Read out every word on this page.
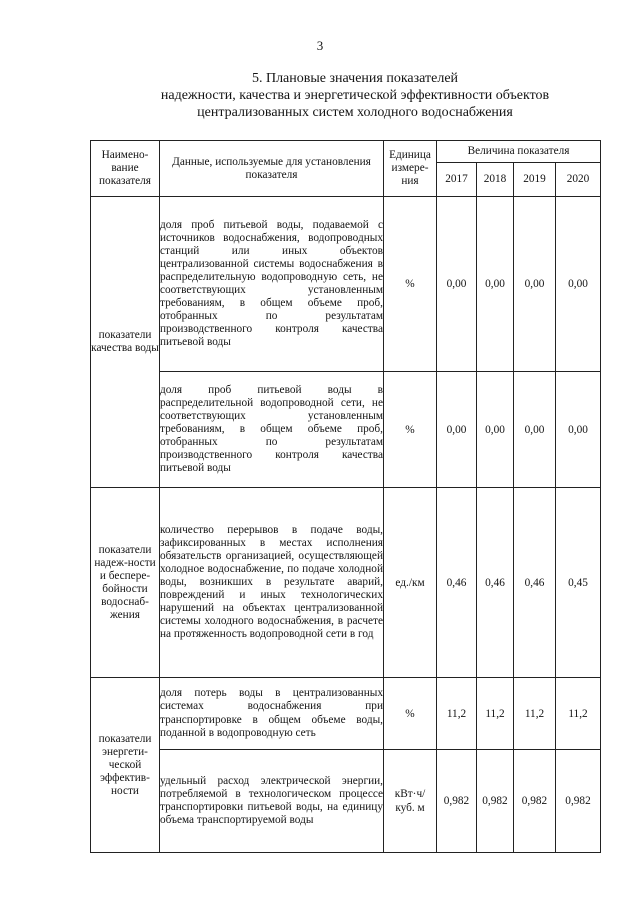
3
5. Плановые значения показателей
надежности, качества и энергетической эффективности объектов
централизованных систем холодного водоснабжения
Наимено-вание показателя	Данные, используемые для установления показателя	Единица измере-ния	Величина показателя			
			2017	2018	2019	2020
показатели качества воды	доля проб питьевой воды, подаваемой с источников водоснабжения, водопроводных станций или иных объектов централизованной системы водоснабжения в распределительную водопроводную сеть, не соответствующих установленным требованиям, в общем объеме проб, отобранных по результатам производственного контроля качества питьевой воды	%	0,00	0,00	0,00	0,00
	доля проб питьевой воды в распределительной водопроводной сети, не соответствующих установленным требованиям, в общем объеме проб, отобранных по результатам производственного контроля качества питьевой воды	%	0,00	0,00	0,00	0,00
показатели надеж-ности и беспере-бойности водоснаб-жения	количество перерывов в подаче воды, зафиксированных в местах исполнения обязательств организацией, осуществляющей холодное водоснабжение, по подаче холодной воды, возникших в результате аварий, повреждений и иных технологических нарушений на объектах централизованной системы холодного водоснабжения, в расчете на протяженность водопроводной сети в год	ед./км	0,46	0,46	0,46	0,45
показатели энергети-ческой эффектив-ности	доля потерь воды в централизованных системах водоснабжения при транспортировке в общем объеме воды, поданной в водопроводную сеть	%	11,2	11,2	11,2	11,2
	удельный расход электрической энергии, потребляемой в технологическом процессе транспортировки питьевой воды, на единицу объема транспортируемой воды	кВт·ч/ куб. м	0,982	0,982	0,982	0,982
